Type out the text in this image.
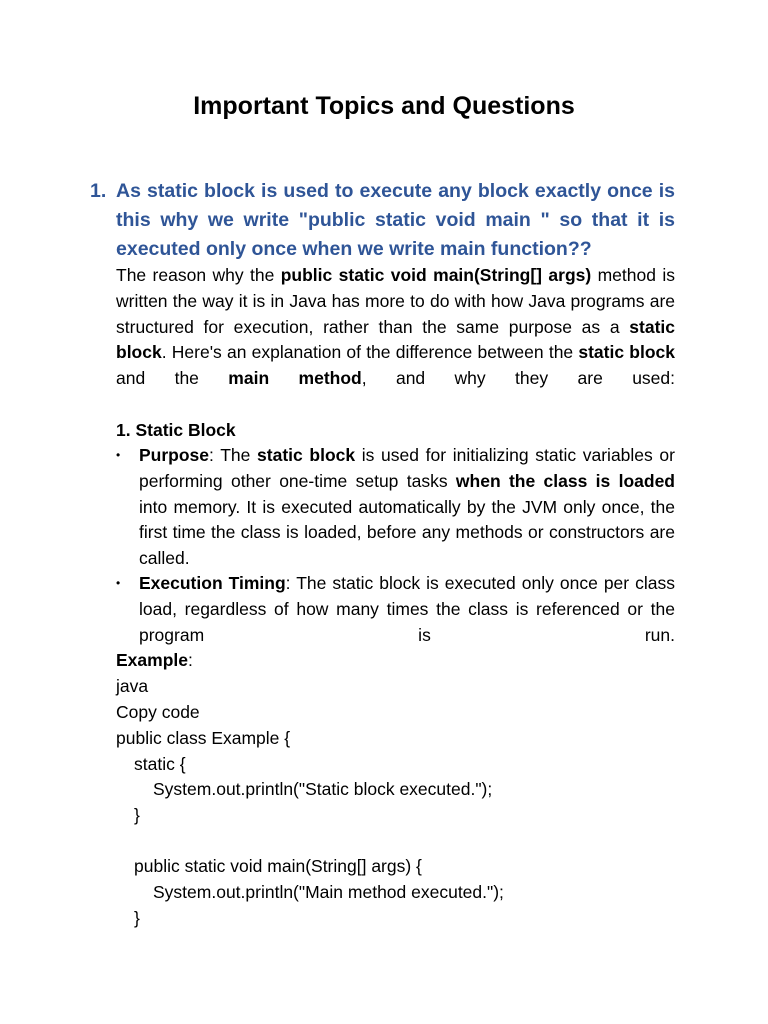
Important Topics and Questions
1. As static block is used to execute any block exactly once is this why we write "public static void main " so that it is executed only once when we write main function??
The reason why the public static void main(String[] args) method is written the way it is in Java has more to do with how Java programs are structured for execution, rather than the same purpose as a static block. Here's an explanation of the difference between the static block and the main method, and why they are used:
1. Static Block
•	Purpose: The static block is used for initializing static variables or performing other one-time setup tasks when the class is loaded into memory. It is executed automatically by the JVM only once, the first time the class is loaded, before any methods or constructors are called.
•	Execution Timing: The static block is executed only once per class load, regardless of how many times the class is referenced or the program is run.
Example:
java
Copy code
public class Example {
static {
System.out.println("Static block executed.");
}
public static void main(String[] args) {
System.out.println("Main method executed.");
}
